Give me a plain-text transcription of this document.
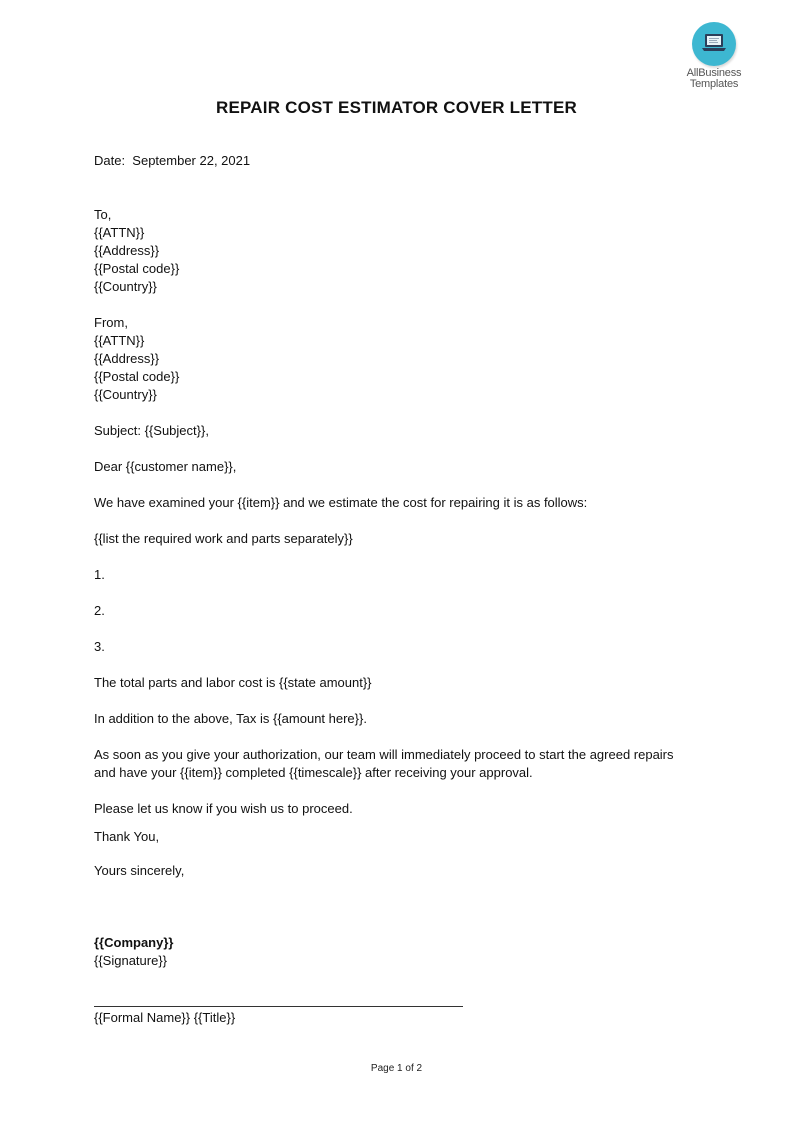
AllBusiness
Templates
REPAIR COST ESTIMATOR COVER LETTER
Date:  September 22, 2021
To,
{{ATTN}}
{{Address}}
{{Postal code}}
{{Country}}
From,
{{ATTN}}
{{Address}}
{{Postal code}}
{{Country}}
Subject: {{Subject}},
Dear {{customer name}},
We have examined your {{item}} and we estimate the cost for repairing it is as follows:
{{list the required work and parts separately}}
1.
2.
3.
The total parts and labor cost is {{state amount}}
In addition to the above, Tax is {{amount here}}.
As soon as you give your authorization, our team will immediately proceed to start the agreed repairs
and have your {{item}} completed {{timescale}} after receiving your approval.
Please let us know if you wish us to proceed.
Thank You,
Yours sincerely,
{{Company}}
{{Signature}}
{{Formal Name}} {{Title}}
Page 1 of 2
